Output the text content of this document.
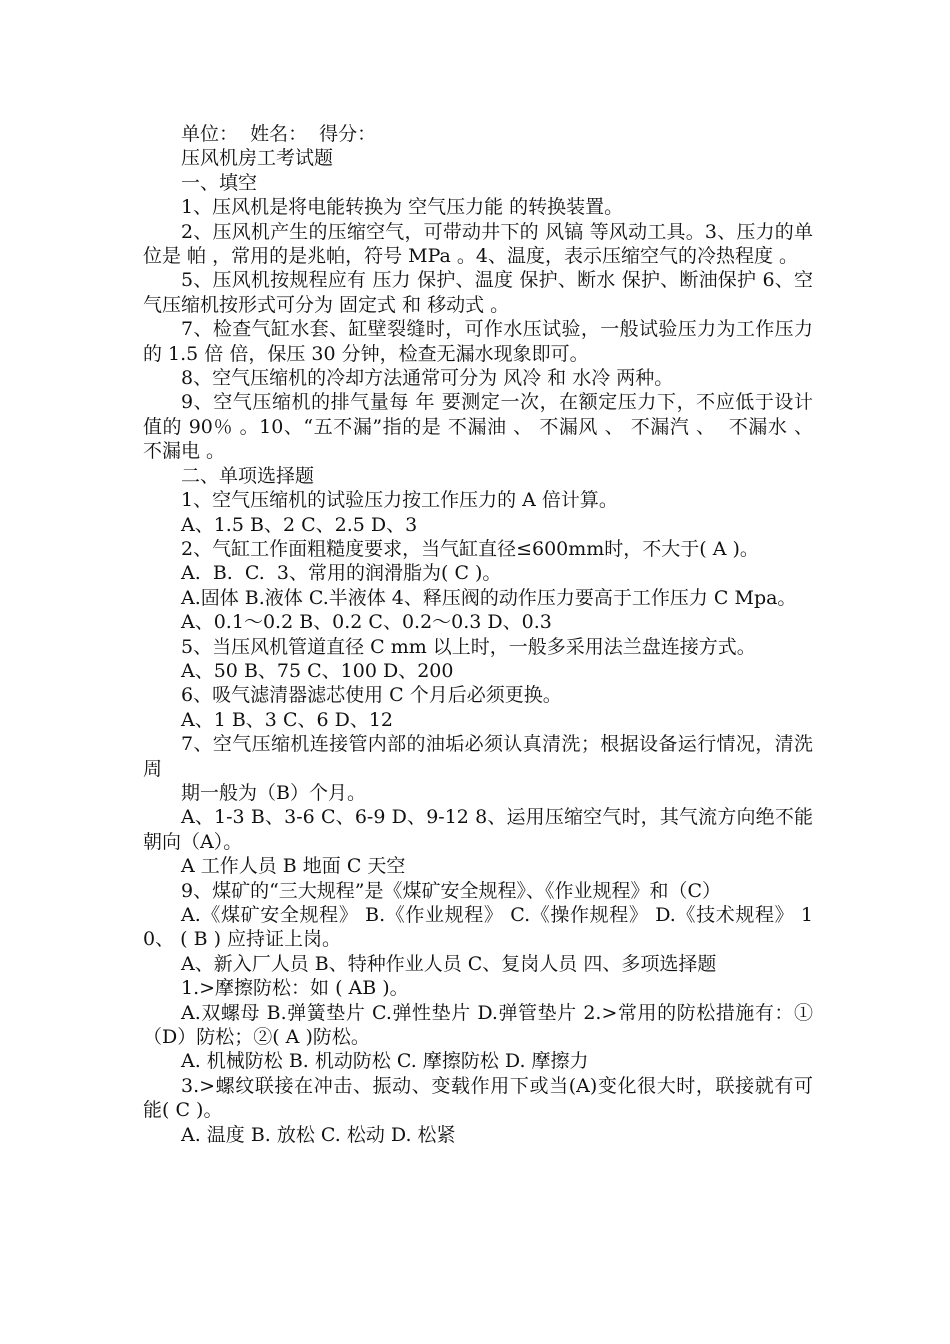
单位：  姓名：  得分：

压风机房工考试题

一、填空

1、压风机是将电能转换为 空气压力能 的转换装置。

2、压风机产生的压缩空气，可带动井下的 风镐 等风动工具。3、压力的单位是 帕 ，常用的是兆帕，符号 MPa 。4、温度，表示压缩空气的冷热程度 。

5、压风机按规程应有 压力 保护、温度 保护、断水 保护、断油保护 6、空气压缩机按形式可分为 固定式 和 移动式 。

7、检查气缸水套、缸壁裂缝时，可作水压试验，一般试验压力为工作压力的 1.5 倍 倍，保压 30 分钟，检查无漏水现象即可。

8、空气压缩机的冷却方法通常可分为 风冷 和 水冷 两种。

9、空气压缩机的排气量每 年 要测定一次，在额定压力下，不应低于设计值的 90％ 。10、“五不漏”指的是 不漏油 、 不漏风 、 不漏汽 、  不漏水 、  不漏电 。

二、单项选择题

1、空气压缩机的试验压力按工作压力的 A 倍计算。

A、1.5 B、2 C、2.5 D、3

2、气缸工作面粗糙度要求，当气缸直径≤600mm时，不大于( A )。

A.  B.  C.  3、常用的润滑脂为( C )。

A.固体 B.液体 C.半液体 4、释压阀的动作压力要高于工作压力 C Mpa。

A、0.1～0.2 B、0.2 C、0.2～0.3 D、0.3

5、当压风机管道直径 C mm 以上时，一般多采用法兰盘连接方式。

A、50 B、75 C、100 D、200

6、吸气滤清器滤芯使用 C 个月后必须更换。

A、1 B、3 C、6 D、12

7、空气压缩机连接管内部的油垢必须认真清洗；根据设备运行情况，清洗周

期一般为（B）个月。

A、1-3 B、3-6 C、6-9 D、9-12 8、运用压缩空气时，其气流方向绝不能朝向（A）。

A 工作人员 B 地面 C 天空

9、煤矿的“三大规程”是《煤矿安全规程》、《作业规程》和（C）

A.《煤矿安全规程》 B.《作业规程》 C.《操作规程》 D.《技术规程》 10、 ( B ) 应持证上岗。

A、新入厂人员 B、特种作业人员 C、复岗人员 四、多项选择题

1.>摩擦防松：如 ( AB )。

A.双螺母 B.弹簧垫片 C.弹性垫片 D.弹管垫片 2.>常用的防松措施有：①（D）防松；②( A )防松。

A. 机械防松 B. 机动防松 C. 摩擦防松 D. 摩擦力

3.>螺纹联接在冲击、振动、变载作用下或当(A)变化很大时，联接就有可能( C )。

A. 温度 B. 放松 C. 松动 D. 松紧
